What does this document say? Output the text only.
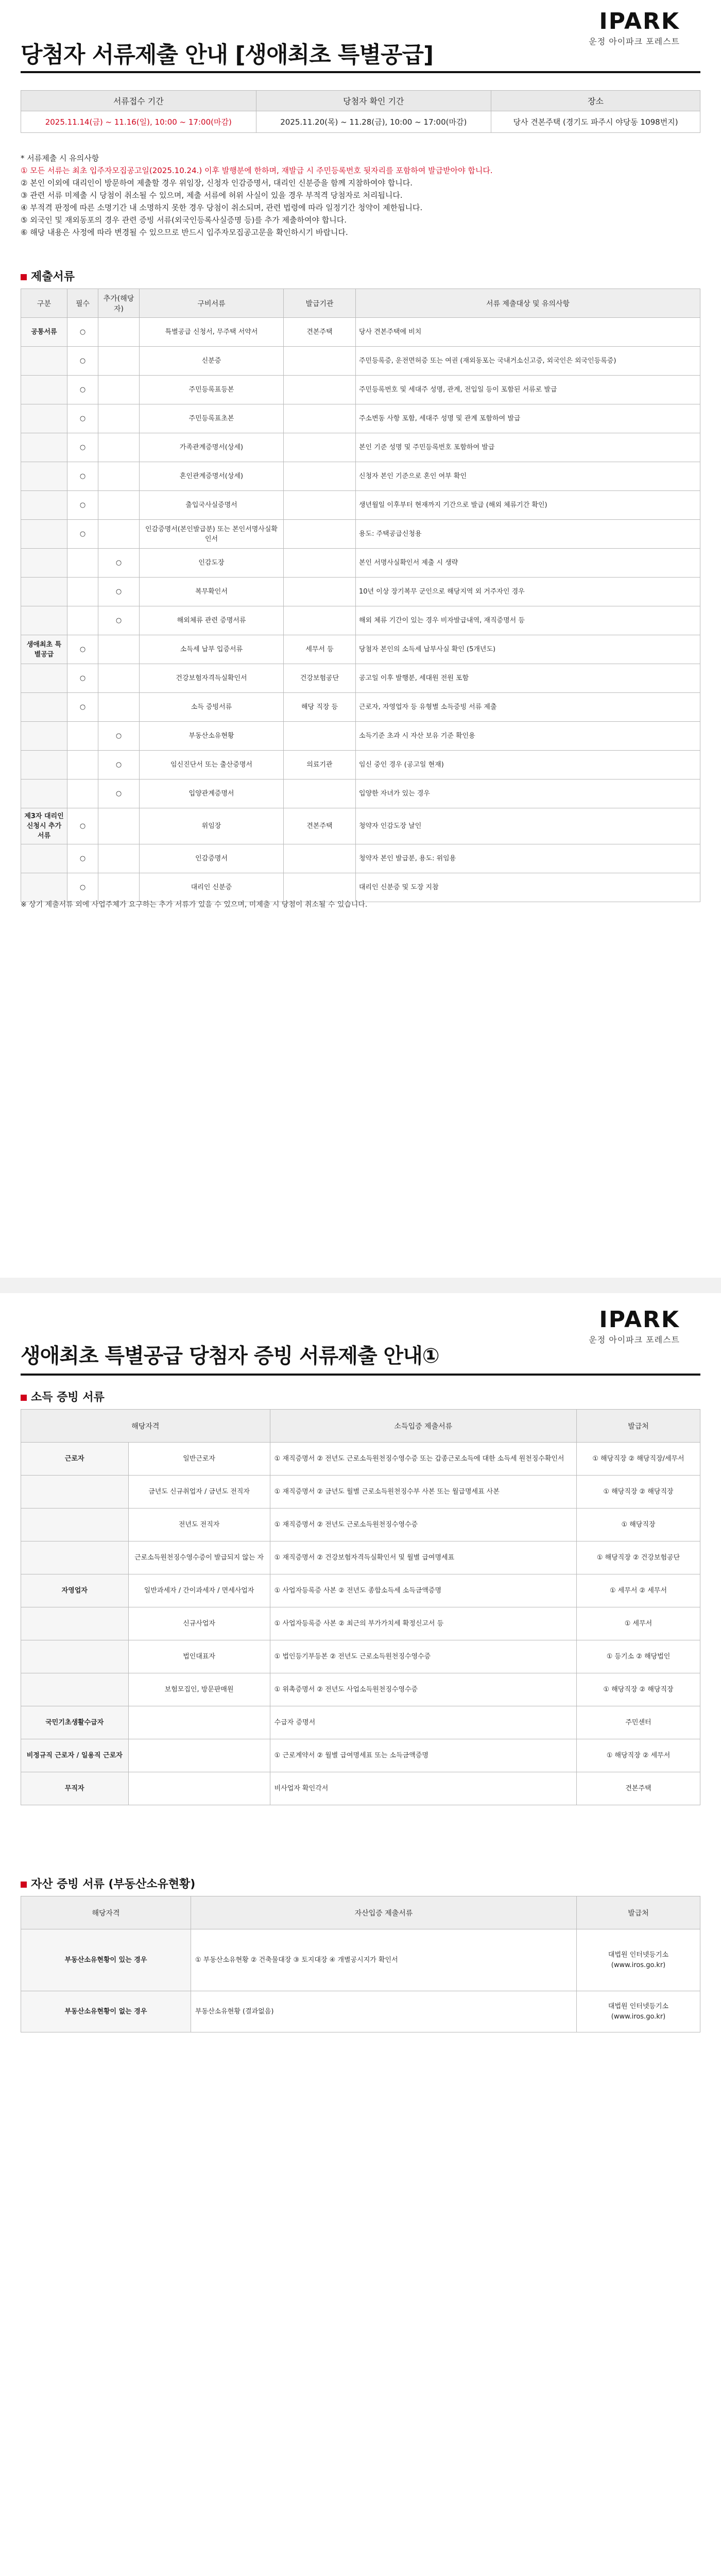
IPARK
운정 아이파크 포레스트
당첨자 서류제출 안내 [생애최초 특별공급]
서류접수 기간	당첨자 확인 기간	장소
2025.11.14(금) ~ 11.16(일), 10:00 ~ 17:00(마감)	2025.11.20(목) ~ 11.28(금), 10:00 ~ 17:00(마감)	당사 견본주택 (경기도 파주시 야당동 1098번지)
* 서류제출 시 유의사항
① 모든 서류는 최초 입주자모집공고일(2025.10.24.) 이후 발행분에 한하며, 재발급 시 주민등록번호 뒷자리를 포함하여 발급받아야 합니다.
② 본인 이외에 대리인이 방문하여 제출할 경우 위임장, 신청자 인감증명서, 대리인 신분증을 함께 지참하여야 합니다.
③ 관련 서류 미제출 시 당첨이 취소될 수 있으며, 제출 서류에 허위 사실이 있을 경우 부적격 당첨자로 처리됩니다.
④ 부적격 판정에 따른 소명기간 내 소명하지 못한 경우 당첨이 취소되며, 관련 법령에 따라 일정기간 청약이 제한됩니다.
⑤ 외국인 및 재외동포의 경우 관련 증빙 서류(외국인등록사실증명 등)를 추가 제출하여야 합니다.
⑥ 해당 내용은 사정에 따라 변경될 수 있으므로 반드시 입주자모집공고문을 확인하시기 바랍니다.
제출서류
구분	필수	추가(해당자)	구비서류	발급기관	서류 제출대상 및 유의사항
공통서류	○		특별공급 신청서, 무주택 서약서	견본주택	당사 견본주택에 비치
	○		신분증		주민등록증, 운전면허증 또는 여권 (재외동포는 국내거소신고증, 외국인은 외국인등록증)
	○		주민등록표등본		주민등록번호 및 세대주 성명, 관계, 전입일 등이 포함된 서류로 발급
	○		주민등록표초본		주소변동 사항 포함, 세대주 성명 및 관계 포함하여 발급
	○		가족관계증명서(상세)		본인 기준 성명 및 주민등록번호 포함하여 발급
	○		혼인관계증명서(상세)		신청자 본인 기준으로 혼인 여부 확인
	○		출입국사실증명서		생년월일 이후부터 현재까지 기간으로 발급 (해외 체류기간 확인)
	○		인감증명서(본인발급분) 또는 본인서명사실확인서		용도: 주택공급신청용
		○	인감도장		본인 서명사실확인서 제출 시 생략
		○	복무확인서		10년 이상 장기복무 군인으로 해당지역 외 거주자인 경우
		○	해외체류 관련 증명서류		해외 체류 기간이 있는 경우 비자발급내역, 재직증명서 등
생애최초 특별공급	○		소득세 납부 입증서류	세무서 등	당첨자 본인의 소득세 납부사실 확인 (5개년도)
	○		건강보험자격득실확인서	건강보험공단	공고일 이후 발행분, 세대원 전원 포함
	○		소득 증빙서류	해당 직장 등	근로자, 자영업자 등 유형별 소득증빙 서류 제출
		○	부동산소유현황		소득기준 초과 시 자산 보유 기준 확인용
		○	임신진단서 또는 출산증명서	의료기관	임신 중인 경우 (공고일 현재)
		○	입양관계증명서		입양한 자녀가 있는 경우
제3자 대리인 신청시 추가서류	○		위임장	견본주택	청약자 인감도장 날인
	○		인감증명서		청약자 본인 발급분, 용도: 위임용
	○		대리인 신분증		대리인 신분증 및 도장 지참
※ 상기 제출서류 외에 사업주체가 요구하는 추가 서류가 있을 수 있으며, 미제출 시 당첨이 취소될 수 있습니다.
IPARK
운정 아이파크 포레스트
생애최초 특별공급 당첨자 증빙 서류제출 안내①
소득 증빙 서류
해당자격		소득입증 제출서류	발급처
근로자	일반근로자	① 재직증명서 ② 전년도 근로소득원천징수영수증 또는 갑종근로소득에 대한 소득세 원천징수확인서	① 해당직장 ② 해당직장/세무서
	금년도 신규취업자 / 금년도 전직자	① 재직증명서 ② 금년도 월별 근로소득원천징수부 사본 또는 월급명세표 사본	① 해당직장 ② 해당직장
	전년도 전직자	① 재직증명서 ② 전년도 근로소득원천징수영수증	① 해당직장
	근로소득원천징수영수증이 발급되지 않는 자	① 재직증명서 ② 건강보험자격득실확인서 및 월별 급여명세표	① 해당직장 ② 건강보험공단
자영업자	일반과세자 / 간이과세자 / 면세사업자	① 사업자등록증 사본 ② 전년도 종합소득세 소득금액증명	① 세무서 ② 세무서
	신규사업자	① 사업자등록증 사본 ② 최근의 부가가치세 확정신고서 등	① 세무서
	법인대표자	① 법인등기부등본 ② 전년도 근로소득원천징수영수증	① 등기소 ② 해당법인
	보험모집인, 방문판매원	① 위촉증명서 ② 전년도 사업소득원천징수영수증	① 해당직장 ② 해당직장
국민기초생활수급자		수급자 증명서	주민센터
비정규직 근로자 / 일용직 근로자		① 근로계약서 ② 월별 급여명세표 또는 소득금액증명	① 해당직장 ② 세무서
무직자		비사업자 확인각서	견본주택
자산 증빙 서류 (부동산소유현황)
해당자격	자산입증 제출서류	발급처
부동산소유현황이 있는 경우	① 부동산소유현황 ② 건축물대장 ③ 토지대장 ④ 개별공시지가 확인서	대법원 인터넷등기소 (www.iros.go.kr)
부동산소유현황이 없는 경우	부동산소유현황 (결과없음)	대법원 인터넷등기소 (www.iros.go.kr)
